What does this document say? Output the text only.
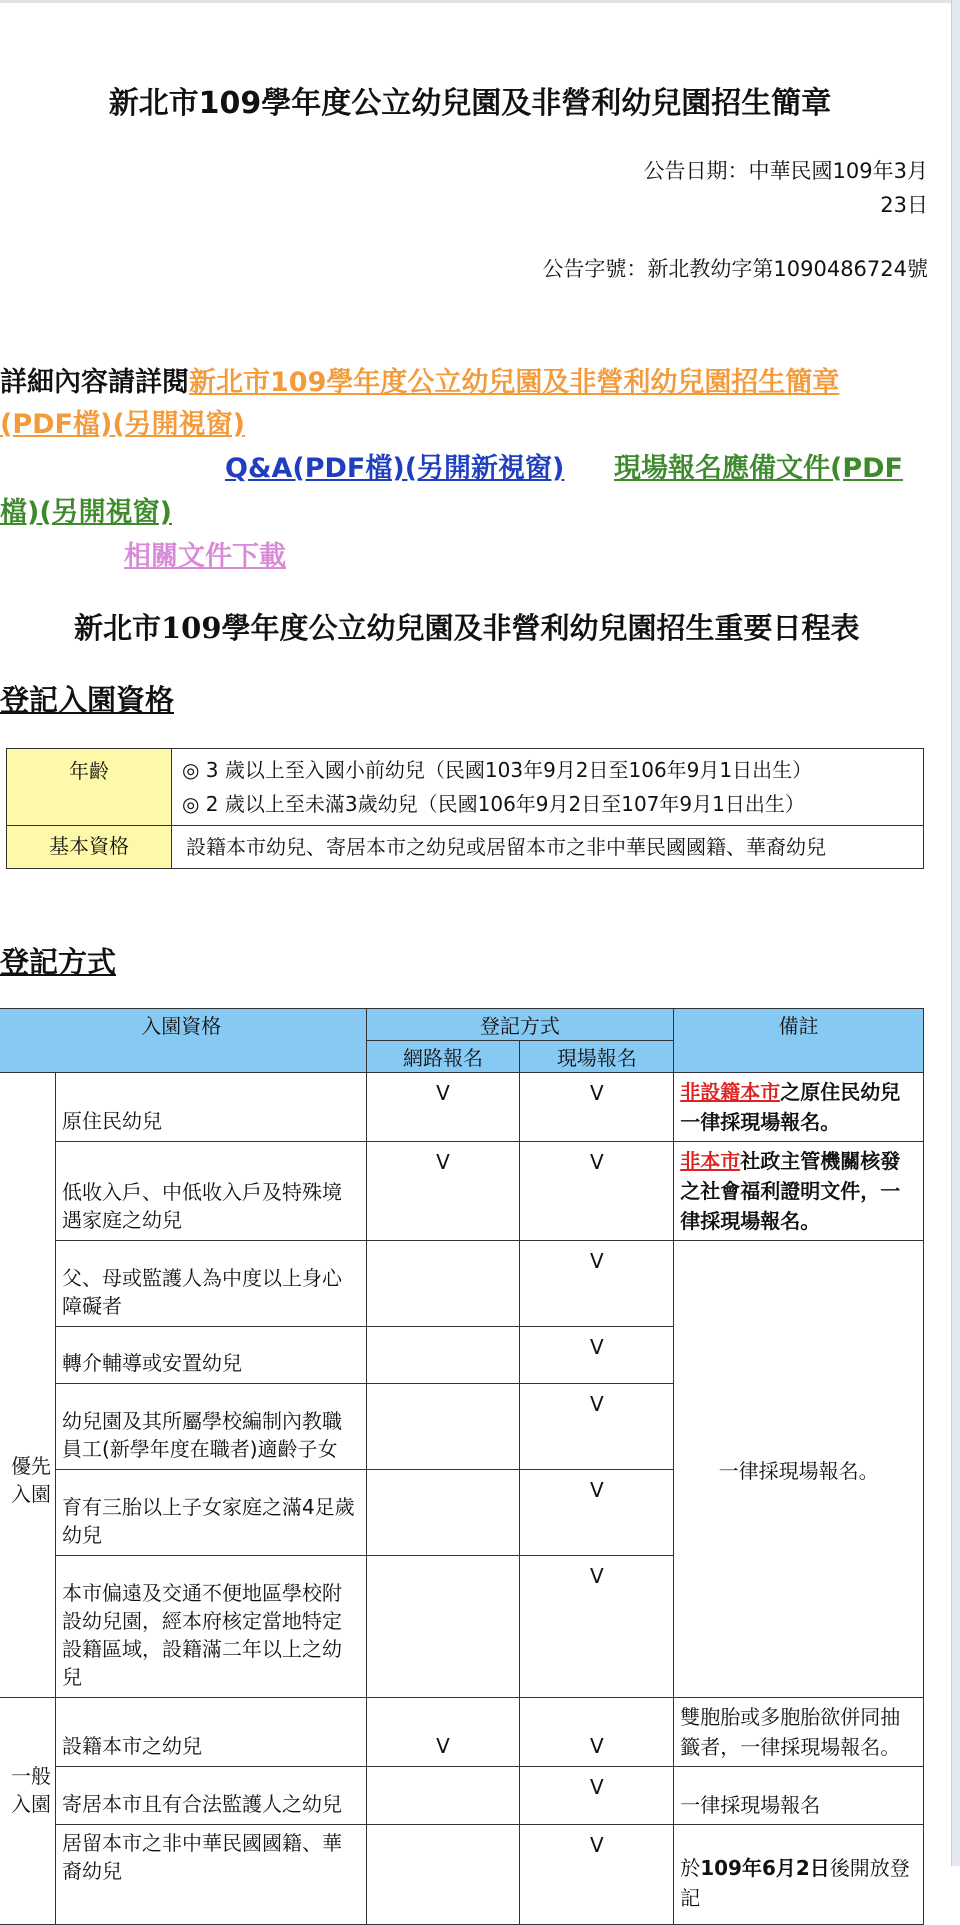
新北市109學年度公立幼兒園及非營利幼兒園招生簡章
公告日期：中華民國109年3月
23日
公告字號：新北教幼字第1090486724號
詳細內容請詳閱新北市109學年度公立幼兒園及非營利幼兒園招生簡章
(PDF檔)(另開視窗)
Q&A(PDF檔)(另開新視窗) 現場報名應備文件(PDF
檔)(另開視窗)
相關文件下載
新北市109學年度公立幼兒園及非營利幼兒園招生重要日程表
登記入園資格
年齡	◎ 3 歲以上至入國小前幼兒（民國103年9月2日至106年9月1日出生）
◎ 2 歲以上至未滿3歲幼兒（民國106年9月2日至107年9月1日出生）

基本資格	設籍本市幼兒、寄居本市之幼兒或居留本市之非中華民國國籍、華裔幼兒
登記方式
入園資格		登記方式		備註
		網路報名	現場報名	

優先
入園	原住民幼兒	V	V	非設籍本市之原住民幼兒一律採現場報名。
	低收入戶、中低收入戶及特殊境遇家庭之幼兒	V	V	非本市社政主管機關核發之社會福利證明文件，一律採現場報名。
	父、母或監護人為中度以上身心障礙者		V	一律採現場報名。
	轉介輔導或安置幼兒		V	
	幼兒園及其所屬學校編制內教職員工(新學年度在職者)適齡子女		V	
	育有三胎以上子女家庭之滿4足歲幼兒		V	
	本市偏遠及交通不便地區學校附設幼兒園，經本府核定當地特定設籍區域，設籍滿二年以上之幼兒		V	

一般
入園	設籍本市之幼兒	V	V	雙胞胎或多胞胎欲併同抽籤者，一律採現場報名。
	寄居本市且有合法監護人之幼兒		V	一律採現場報名
	居留本市之非中華民國國籍、華裔幼兒		V	於109年6月2日後開放登記
